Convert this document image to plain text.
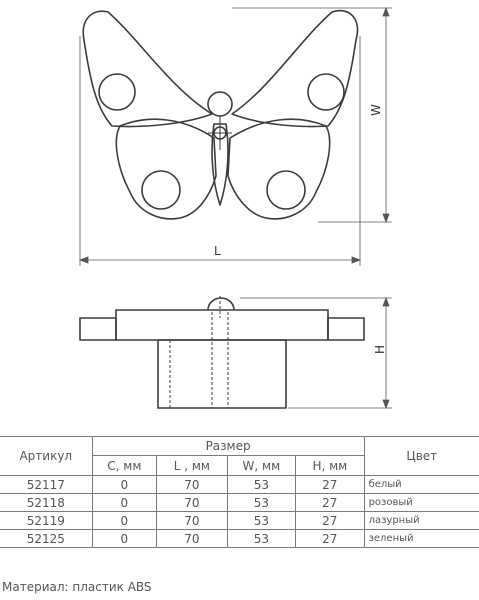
W
L
H
Артикул	Размер				Цвет
	C, мм	L , мм	W, мм	H, мм	
52117	0	70	53	27	белый
52118	0	70	53	27	розовый
52119	0	70	53	27	лазурный
52125	0	70	53	27	зеленый
Материал: пластик ABS
